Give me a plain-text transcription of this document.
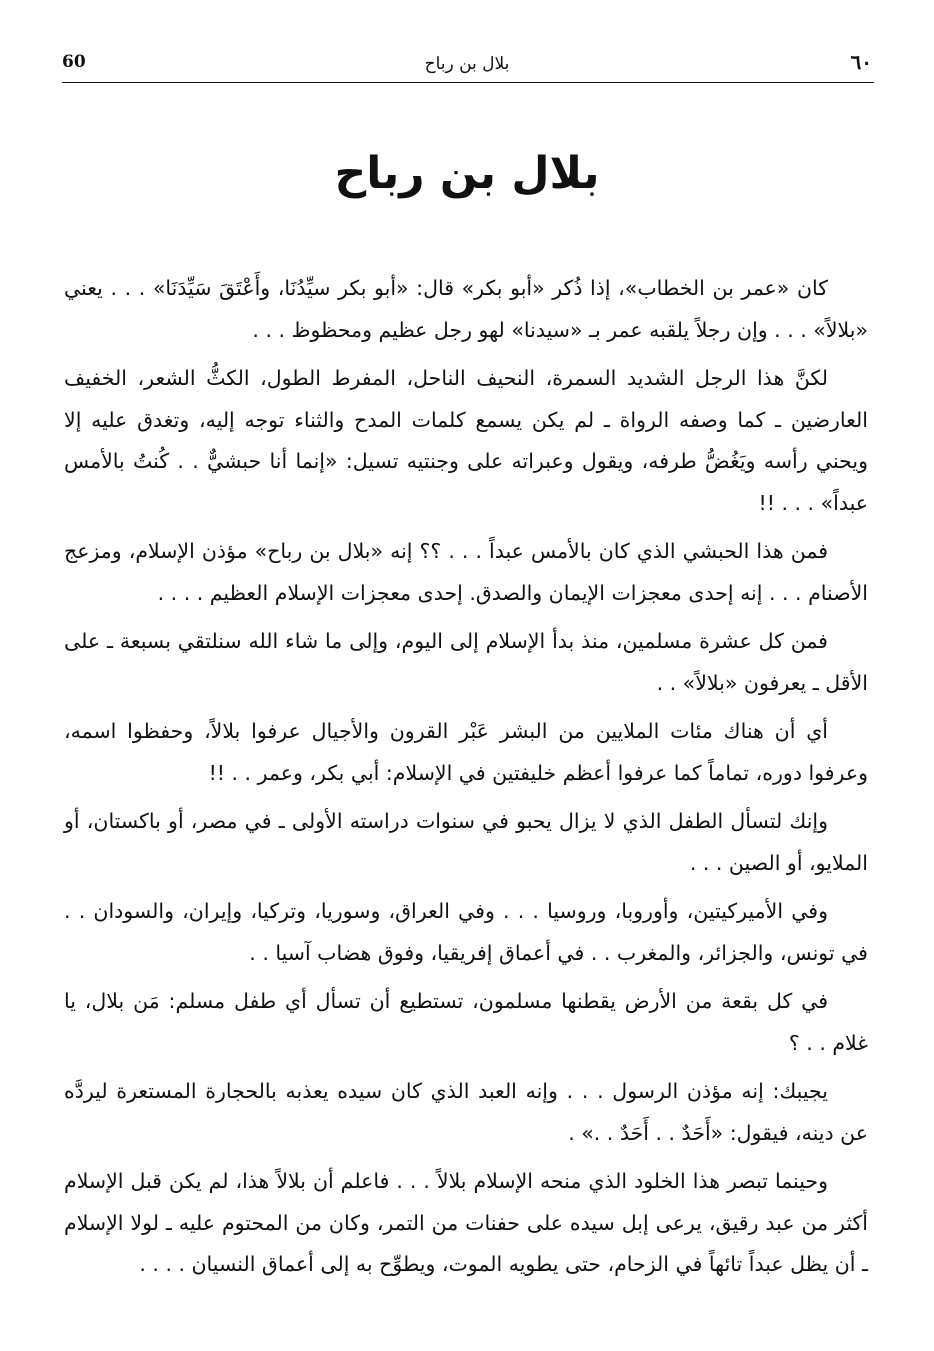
60	بلال بن رباح	٦٠
بلال بن رباح

كان «عمر بن الخطاب»، إذا ذُكر «أبو بكر» قال: «أبو بكر سيِّدُنَا، وأَعْتَقَ سَيِّدَنَا» . . . يعني «بلالاً» . . . وإن رجلاً يلقبه عمر بـ «سيدنا» لهو رجل عظيم ومحظوظ . . .

لكنَّ هذا الرجل الشديد السمرة، النحيف الناحل، المفرط الطول، الكثُّ الشعر، الخفيف العارضين ـ كما وصفه الرواة ـ لم يكن يسمع كلمات المدح والثناء توجه إليه، وتغدق عليه إلا ويحني رأسه ويَغُضُّ طرفه، ويقول وعبراته على وجنتيه تسيل: «إنما أنا حبشيٌّ . . كُنتُ بالأمس عبداً» . . . !!

فمن هذا الحبشي الذي كان بالأمس عبداً . . . ؟؟ إنه «بلال بن رباح» مؤذن الإسلام، ومزعج الأصنام . . . إنه إحدى معجزات الإيمان والصدق. إحدى معجزات الإسلام العظيم . . . .

فمن كل عشرة مسلمين، منذ بدأ الإسلام إلى اليوم، وإلى ما شاء الله سنلتقي بسبعة ـ على الأقل ـ يعرفون «بلالاً» . .

أي أن هناك مئات الملايين من البشر عَبْر القرون والأجيال عرفوا بلالاً، وحفظوا اسمه، وعرفوا دوره، تماماً كما عرفوا أعظم خليفتين في الإسلام: أبي بكر، وعمر . . !!

وإنك لتسأل الطفل الذي لا يزال يحبو في سنوات دراسته الأولى ـ في مصر، أو باكستان، أو الملايو، أو الصين . . .

وفي الأميركيتين، وأوروبا، وروسيا . . . وفي العراق، وسوريا، وتركيا، وإيران، والسودان . . في تونس، والجزائر، والمغرب . . في أعماق إفريقيا، وفوق هضاب آسيا . .

في كل بقعة من الأرض يقطنها مسلمون، تستطيع أن تسأل أي طفل مسلم: مَن بلال، يا غلام . . ؟

يجيبك: إنه مؤذن الرسول . . . وإنه العبد الذي كان سيده يعذبه بالحجارة المستعرة ليردَّه عن دينه، فيقول: «أَحَدٌ . . أَحَدٌ . .» .

وحينما تبصر هذا الخلود الذي منحه الإسلام بلالاً . . . فاعلم أن بلالاً هذا، لم يكن قبل الإسلام أكثر من عبد رقيق، يرعى إبل سيده على حفنات من التمر، وكان من المحتوم عليه ـ لولا الإسلام ـ أن يظل عبداً تائهاً في الزحام، حتى يطويه الموت، ويطوِّح به إلى أعماق النسيان . . . .
